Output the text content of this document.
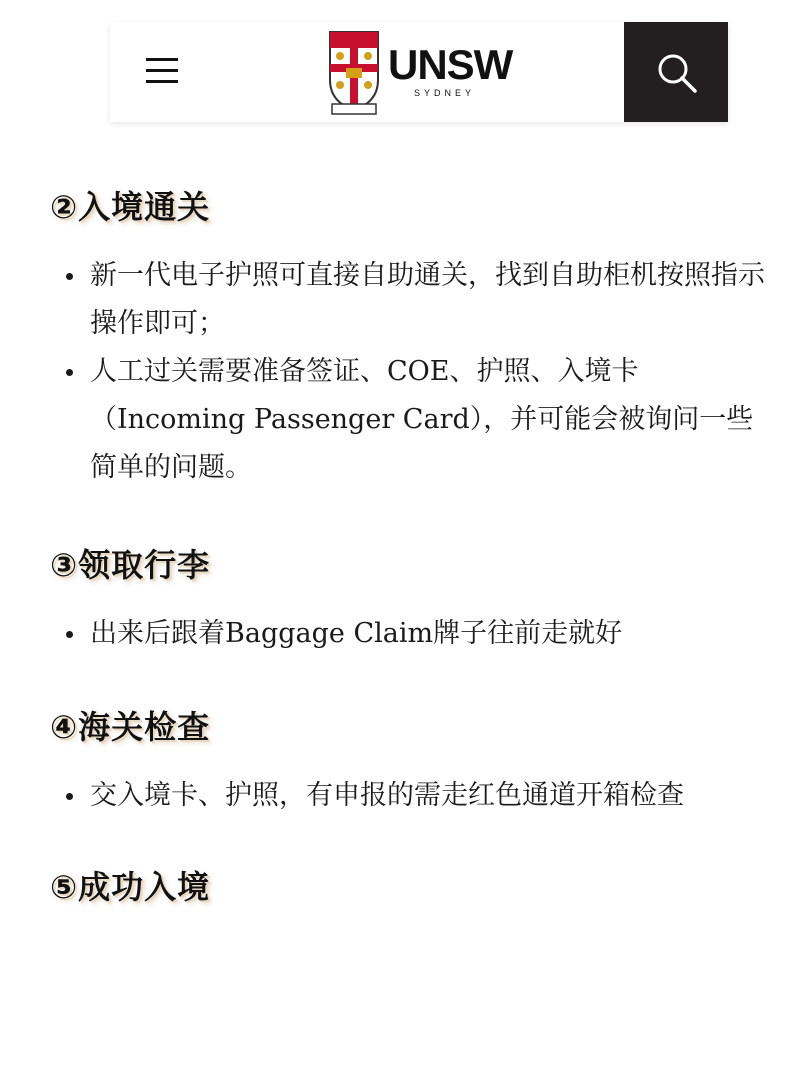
UNSW
SYDNEY
②入境通关
新一代电子护照可直接自助通关，找到自助柜机按照指示操作即可；
人工过关需要准备签证、COE、护照、入境卡（Incoming Passenger Card），并可能会被询问一些简单的问题。
③领取行李
出来后跟着Baggage Claim牌子往前走就好
④海关检查
交入境卡、护照，有申报的需走红色通道开箱检查
⑤成功入境
